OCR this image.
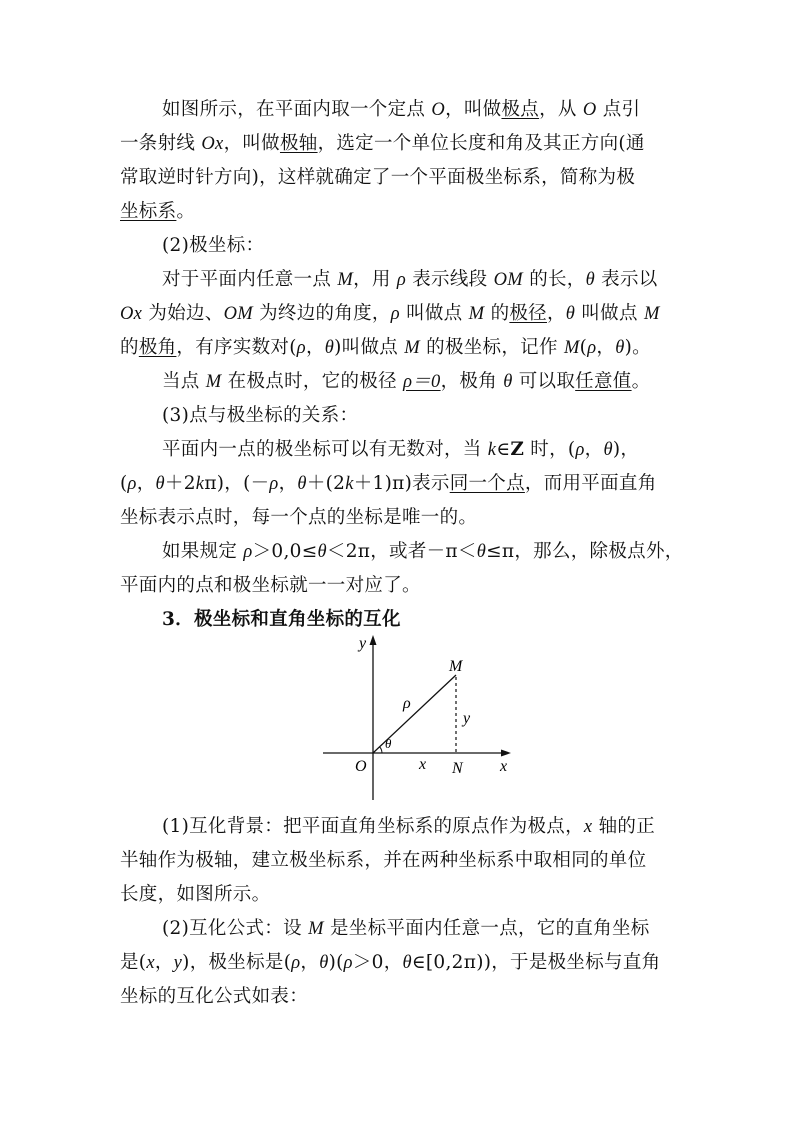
如图所示，在平面内取一个定点 O，叫做极点，从 O 点引
一条射线 Ox，叫做极轴，选定一个单位长度和角及其正方向(通
常取逆时针方向)，这样就确定了一个平面极坐标系，简称为极
坐标系。
(2)极坐标：
对于平面内任意一点 M，用 ρ 表示线段 OM 的长，θ 表示以
Ox 为始边、OM 为终边的角度，ρ 叫做点 M 的极径，θ 叫做点 M
的极角，有序实数对(ρ，θ)叫做点 M 的极坐标，记作 M(ρ，θ)。
当点 M 在极点时，它的极径 ρ＝0，极角 θ 可以取任意值。
(3)点与极坐标的关系：
平面内一点的极坐标可以有无数对，当 k∈Z 时，(ρ，θ)，
(ρ，θ＋2kπ)，(－ρ，θ＋(2k＋1)π)表示同一个点，而用平面直角
坐标表示点时，每一个点的坐标是唯一的。
如果规定 ρ＞0,0≤θ＜2π，或者－π＜θ≤π，那么，除极点外，
平面内的点和极坐标就一一对应了。
3．极坐标和直角坐标的互化
y
x
O
M
N
ρ
θ
x
y
(1)互化背景：把平面直角坐标系的原点作为极点，x 轴的正
半轴作为极轴，建立极坐标系，并在两种坐标系中取相同的单位
长度，如图所示。
(2)互化公式：设 M 是坐标平面内任意一点，它的直角坐标
是(x，y)，极坐标是(ρ，θ)(ρ＞0，θ∈[0,2π))，于是极坐标与直角
坐标的互化公式如表：
